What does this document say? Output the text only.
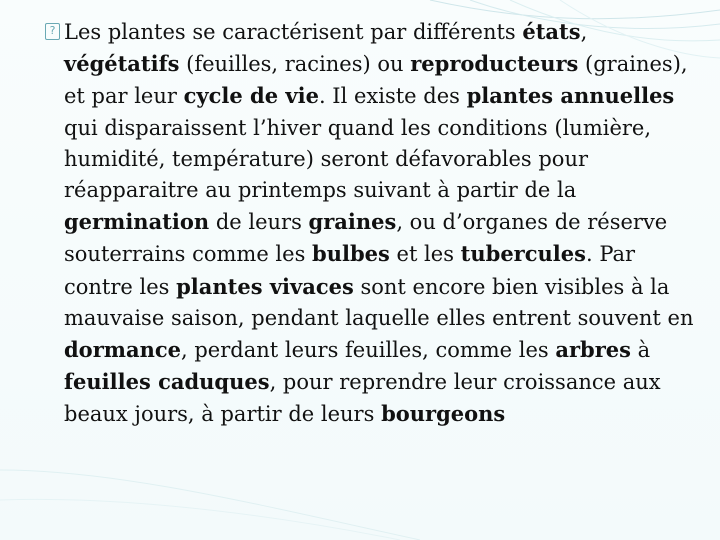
? Les plantes se caractérisent par différents états, végétatifs (feuilles, racines) ou reproducteurs (graines), et par leur cycle de vie. Il existe des plantes annuelles qui disparaissent l’hiver quand les conditions (lumière, humidité, température) seront défavorables pour réapparaitre au printemps suivant à partir de la germination de leurs graines, ou d’organes de réserve souterrains comme les bulbes et les tubercules. Par contre les plantes vivaces sont encore bien visibles à la mauvaise saison, pendant laquelle elles entrent souvent en dormance, perdant leurs feuilles, comme les arbres à feuilles caduques, pour reprendre leur croissance aux beaux jours, à partir de leurs bourgeons
